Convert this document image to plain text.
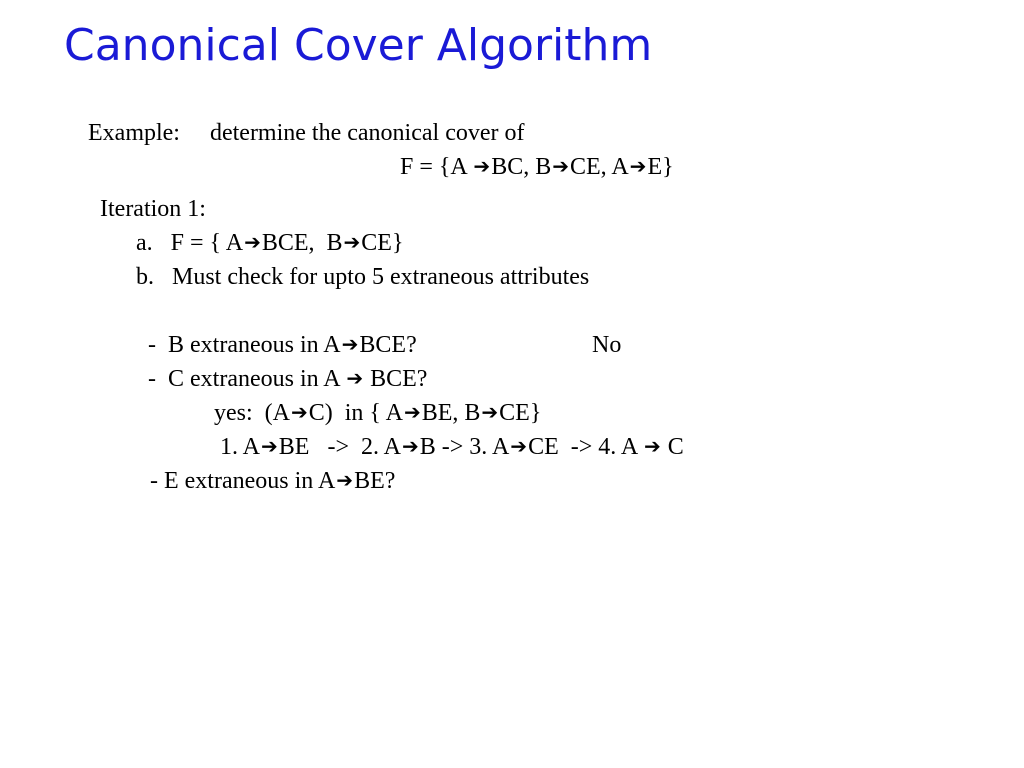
Canonical Cover Algorithm
Example:     determine the canonical cover of
F = {A ➔BC, B➔CE, A➔E}
Iteration 1:
a.   F = { A➔BCE,  B➔CE}
b.   Must check for upto 5 extraneous attributes
-  B extraneous in A➔BCE?	No
-  C extraneous in A ➔ BCE?
yes:  (A➔C)  in { A➔BE, B➔CE}
1. A➔BE   ->  2. A➔B -> 3. A➔CE  -> 4. A ➔ C
- E extraneous in A➔BE?
